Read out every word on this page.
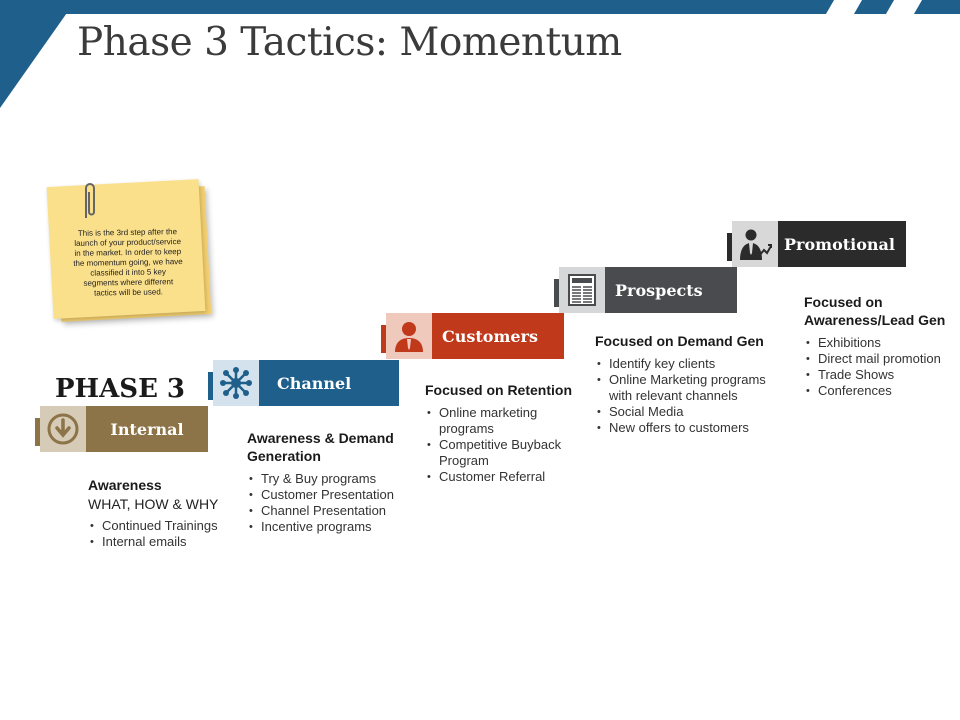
Phase 3 Tactics: Momentum
This is the 3rd step after the launch of your product/service in the market. In order to keep the momentum going, we have classified it into 5 key segments where different tactics will be used.
PHASE 3
Internal
Channel
Customers
Prospects
Promotional
Awareness
WHAT, HOW & WHY
• Continued Trainings
• Internal emails
Awareness & Demand Generation
• Try & Buy programs
• Customer Presentation
• Channel Presentation
• Incentive programs
Focused on Retention
• Online marketing programs
• Competitive Buyback Program
• Customer Referral
Focused on Demand Gen
• Identify key clients
• Online Marketing programs with relevant channels
• Social Media
• New offers to customers
Focused on Awareness/Lead Gen
• Exhibitions
• Direct mail promotion
• Trade Shows
• Conferences
